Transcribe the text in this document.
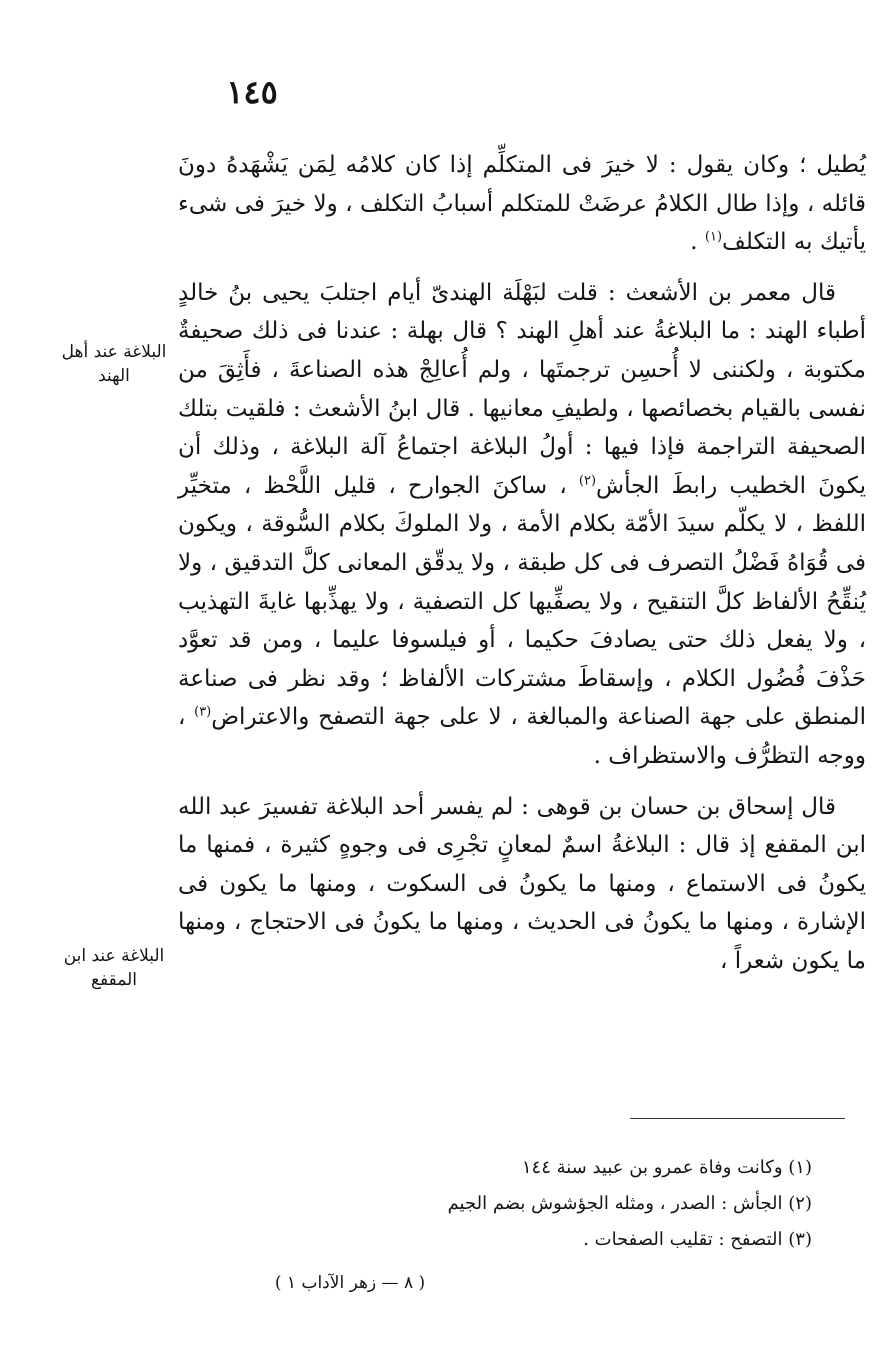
١٤٥

يُطيل ؛ وكان يقول : لا خيرَ فى المتكلِّم إذا كان كلامُه لِمَن يَشْهَدهُ دونَ قائله ، وإذا طال الكلامُ عرضَتْ للمتكلم أسبابُ التكلف ، ولا خيرَ فى شىء يأتيك به التكلف$^{(١)}$ .

قال معمر بن الأشعث : قلت لبَهْلَة الهندىّ أيام اجتلبَ يحيى بنُ خالدٍ أطباء الهند : ما البلاغةُ عند أهلِ الهند ؟ قال بهلة : عندنا فى ذلك صحيفةٌ مكتوبة ، ولكننى لا أُحسِن ترجمتَها ، ولم أُعالِجْ هذه الصناعةَ ، فأَثِقَ من نفسى بالقيام بخصائصها ، ولطيفِ معانيها . قال ابنُ الأشعث : فلقيت بتلك الصحيفة التراجمة فإذا فيها : أولُ البلاغة اجتماعُ آلة البلاغة ، وذلك أن يكونَ الخطيب رابطَ الجأش$^{(٢)}$ ، ساكنَ الجوارح ، قليل اللَّحْظ ، متخيِّر اللفظ ، لا يكلّم سيدَ الأمّة بكلام الأمة ، ولا الملوكَ بكلام السُّوقة ، ويكون فى قُوَاهُ فَضْلُ التصرف فى كل طبقة ، ولا يدقّق المعانى كلَّ التدقيق ، ولا يُنقِّحُ الألفاظ كلَّ التنقيح ، ولا يصفِّيها كل التصفية ، ولا يهذِّبها غايةَ التهذيب ، ولا يفعل ذلك حتى يصادفَ حكيما ، أو فيلسوفا عليما ، ومن قد تعوَّد حَذْفَ فُضُول الكلام ، وإسقاطَ مشتركات الألفاظ ؛ وقد نظر فى صناعة المنطق على جهة الصناعة والمبالغة ، لا على جهة التصفح والاعتراض$^{(٣)}$ ، ووجه التظرُّف والاستظراف .

قال إسحاق بن حسان بن قوهى : لم يفسر أحد البلاغة تفسيرَ عبد الله ابن المقفع إذ قال : البلاغةُ اسمٌ لمعانٍ تجْرِى فى وجوهٍ كثيرة ، فمنها ما يكونُ فى الاستماع ، ومنها ما يكونُ فى السكوت ، ومنها ما يكون فى الإشارة ، ومنها ما يكونُ فى الحديث ، ومنها ما يكونُ فى الاحتجاج ، ومنها ما يكون شعراً ،

البلاغة عند أهل الهند
البلاغة عند ابن المقفع
(١) وكانت وفاة عمرو بن عبيد سنة ١٤٤
(٢) الجأش : الصدر ، ومثله الجؤشوش بضم الجيم
(٣) التصفح : تقليب الصفحات .
( ٨ — زهر الآداب ١ )
